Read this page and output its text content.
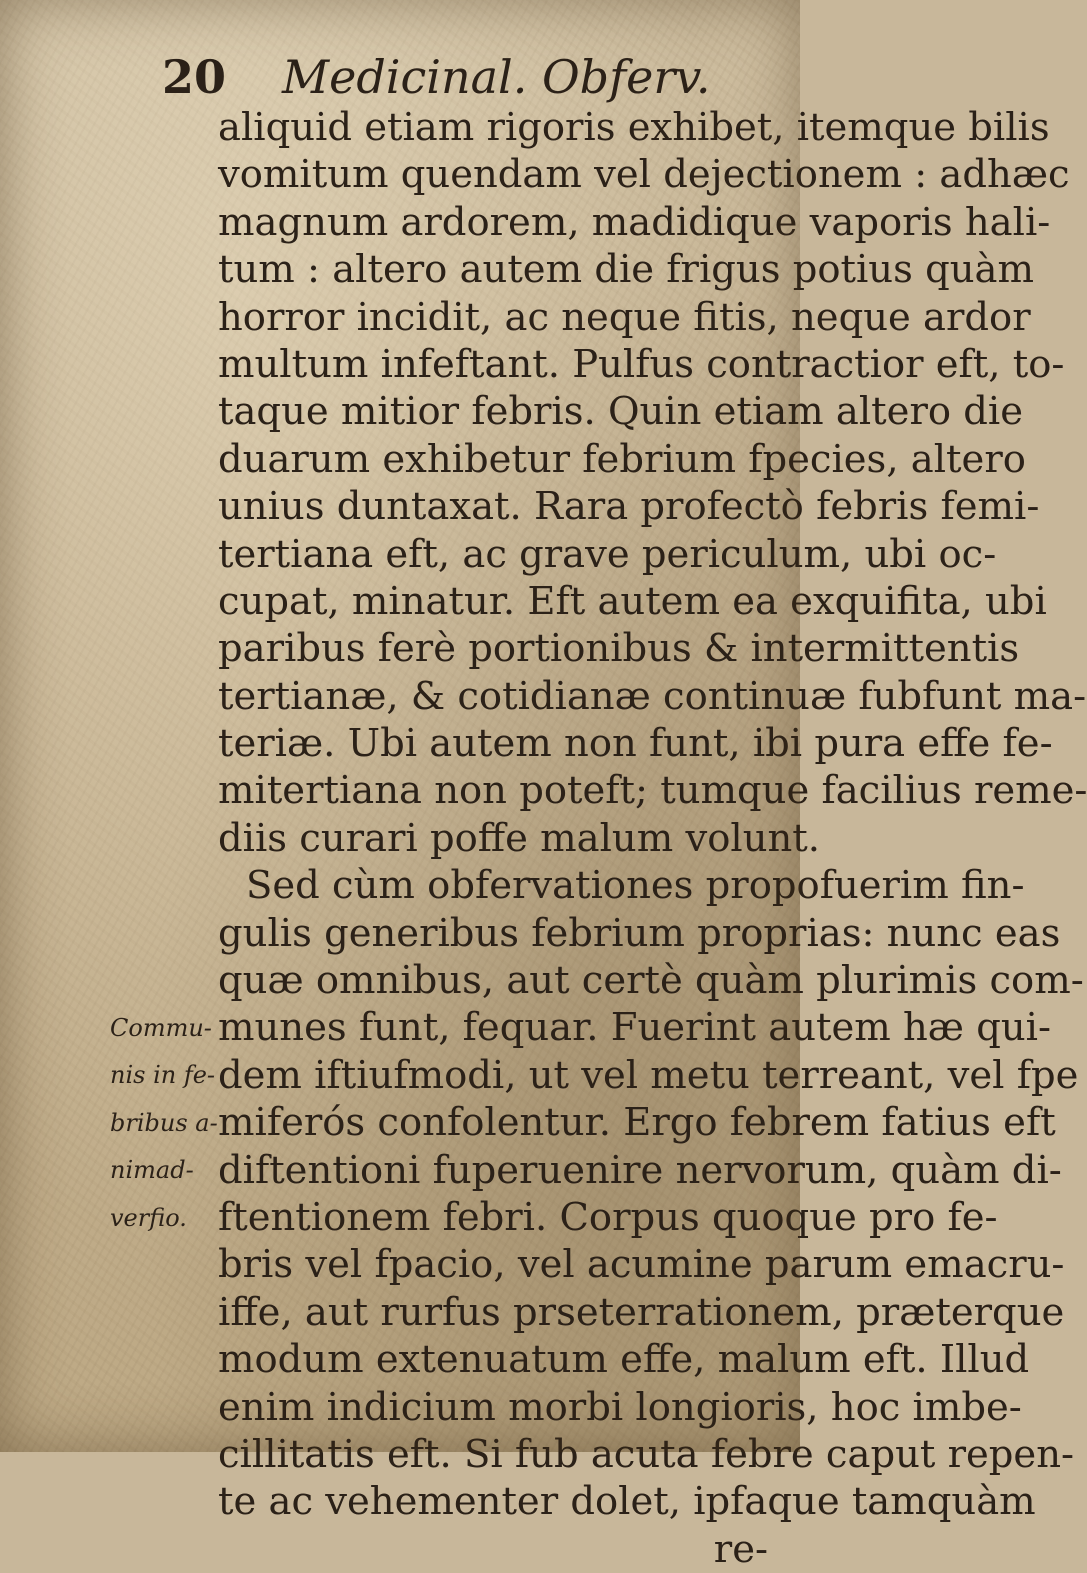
20 Medicinal. Obferv.
aliquid etiam rigoris exhibet, itemque bilis
vomitum quendam vel dejectionem : adhæc
magnum ardorem, madidique vaporis hali-
tum : altero autem die frigus potius quàm
horror incidit, ac neque fitis, neque ardor
multum infeftant. Pulfus contractior eft, to-
taque mitior febris. Quin etiam altero die
duarum exhibetur febrium fpecies, altero
unius duntaxat. Rara profectò febris femi-
tertiana eft, ac grave periculum, ubi oc-
cupat, minatur. Eft autem ea exquifita, ubi
paribus ferè portionibus & intermittentis
tertianæ, & cotidianæ continuæ fubfunt ma-
teriæ. Ubi autem non funt, ibi pura effe fe-
mitertiana non poteft; tumque facilius reme-
diis curari poffe malum volunt.
Sed cùm obfervationes propofuerim fin-
gulis generibus febrium proprias: nunc eas
quæ omnibus, aut certè quàm plurimis com-
munes funt, fequar. Fuerint autem hæ qui-
dem iftiufmodi, ut vel metu terreant, vel fpe
miferós confolentur. Ergo febrem fatius eft
diftentioni fuperuenire nervorum, quàm di-
ftentionem febri. Corpus quoque pro fe-
bris vel fpacio, vel acumine parum emacru-
iffe, aut rurfus prseterrationem, præterque
modum extenuatum effe, malum eft. Illud
enim indicium morbi longioris, hoc imbe-
cillitatis eft. Si fub acuta febre caput repen-
te ac vehementer dolet, ipfaque tamquàm
re-
Commu-
nis in fe-
bribus a-
nimad-
verfio.
